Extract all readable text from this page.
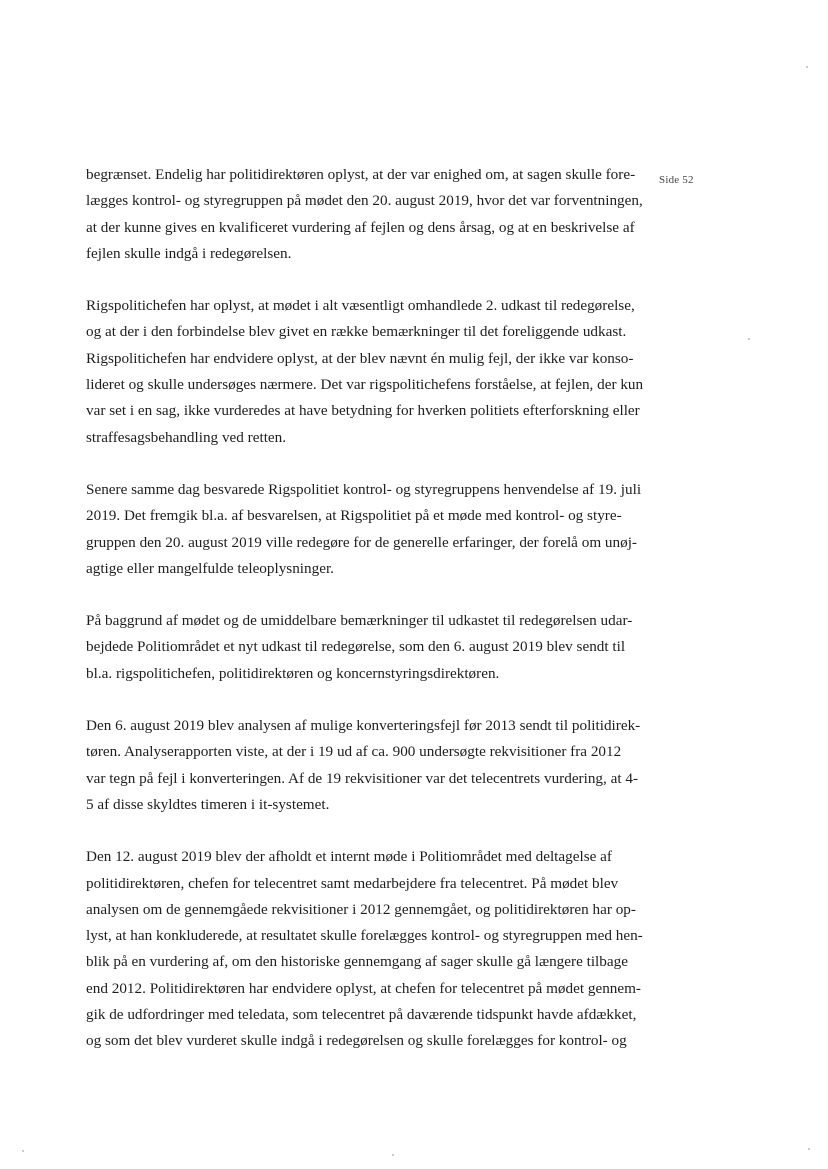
Side 52

begrænset. Endelig har politidirektøren oplyst, at der var enighed om, at sagen skulle fore-
lægges kontrol- og styregruppen på mødet den 20. august 2019, hvor det var forventningen,
at der kunne gives en kvalificeret vurdering af fejlen og dens årsag, og at en beskrivelse af
fejlen skulle indgå i redegørelsen.

Rigspolitichefen har oplyst, at mødet i alt væsentligt omhandlede 2. udkast til redegørelse,
og at der i den forbindelse blev givet en række bemærkninger til det foreliggende udkast.
Rigspolitichefen har endvidere oplyst, at der blev nævnt én mulig fejl, der ikke var konso-
lideret og skulle undersøges nærmere. Det var rigspolitichefens forståelse, at fejlen, der kun
var set i en sag, ikke vurderedes at have betydning for hverken politiets efterforskning eller
straffesagsbehandling ved retten.

Senere samme dag besvarede Rigspolitiet kontrol- og styregruppens henvendelse af 19. juli
2019. Det fremgik bl.a. af besvarelsen, at Rigspolitiet på et møde med kontrol- og styre-
gruppen den 20. august 2019 ville redegøre for de generelle erfaringer, der forelå om unøj-
agtige eller mangelfulde teleoplysninger.

På baggrund af mødet og de umiddelbare bemærkninger til udkastet til redegørelsen udar-
bejdede Politiområdet et nyt udkast til redegørelse, som den 6. august 2019 blev sendt til
bl.a. rigspolitichefen, politidirektøren og koncernstyringsdirektøren.

Den 6. august 2019 blev analysen af mulige konverteringsfejl før 2013 sendt til politidirek-
tøren. Analyserapporten viste, at der i 19 ud af ca. 900 undersøgte rekvisitioner fra 2012
var tegn på fejl i konverteringen. Af de 19 rekvisitioner var det telecentrets vurdering, at 4-
5 af disse skyldtes timeren i it-systemet.

Den 12. august 2019 blev der afholdt et internt møde i Politiområdet med deltagelse af
politidirektøren, chefen for telecentret samt medarbejdere fra telecentret. På mødet blev
analysen om de gennemgåede rekvisitioner i 2012 gennemgået, og politidirektøren har op-
lyst, at han konkluderede, at resultatet skulle forelægges kontrol- og styregruppen med hen-
blik på en vurdering af, om den historiske gennemgang af sager skulle gå længere tilbage
end 2012. Politidirektøren har endvidere oplyst, at chefen for telecentret på mødet gennem-
gik de udfordringer med teledata, som telecentret på daværende tidspunkt havde afdækket,
og som det blev vurderet skulle indgå i redegørelsen og skulle forelægges for kontrol- og
